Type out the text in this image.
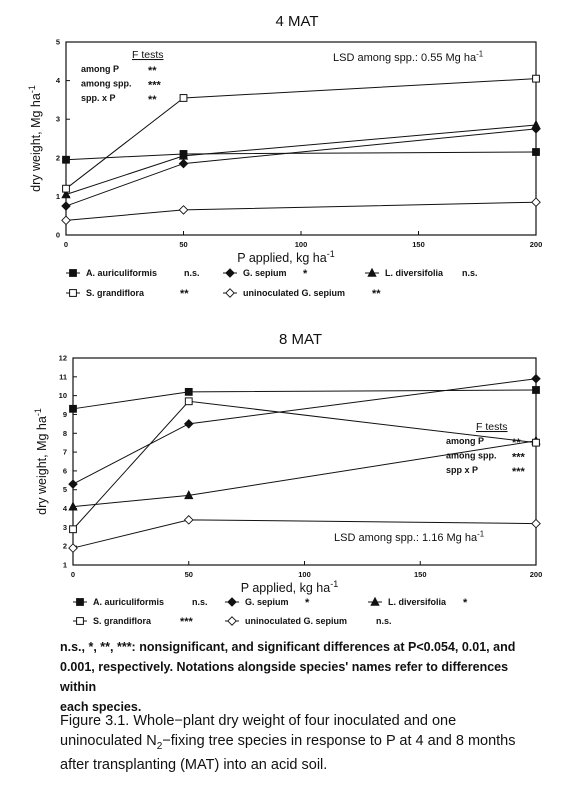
4 MAT
0
1
2
3
4
5
0	50	100	150	200
P applied, kg $ha^{-1}$
dry weight, Mg $ha^{-1}$
F tests
among P	**
among spp. ***
spp. x P	**
LSD among spp.: 0.55 Mg $ha^{-1}$
A. auriculiformis	n.s.	G. sepium *	L. diversifolia n.s.
S. grandiflora	**	uninoculated G. sepium **
8 MAT
1
2
3
4
5
6
7
8
9
10
11
12
0	50	100	150	200
P applied, kg $ha^{-1}$
dry weight, Mg $ha^{-1}$
F tests
among P	**
among spp. ***
spp x P	***
LSD among spp.: 1.16 Mg $ha^{-1}$
A. auriculiformis	n.s.	G. sepium *	L. diversifolia *
S. grandiflora	***	uninoculated G. sepium	n.s.
n.s., *, **, ***: nonsignificant, and significant differences at P<0.054, 0.01, and
0.001, respectively. Notations alongside species' names refer to differences within
each species.
Figure 3.1. Whole−plant dry weight of four inoculated and one
uninoculated $N_2-fixing$ tree species in response to P at 4 and 8 months
after transplanting (MAT) into an acid soil.
